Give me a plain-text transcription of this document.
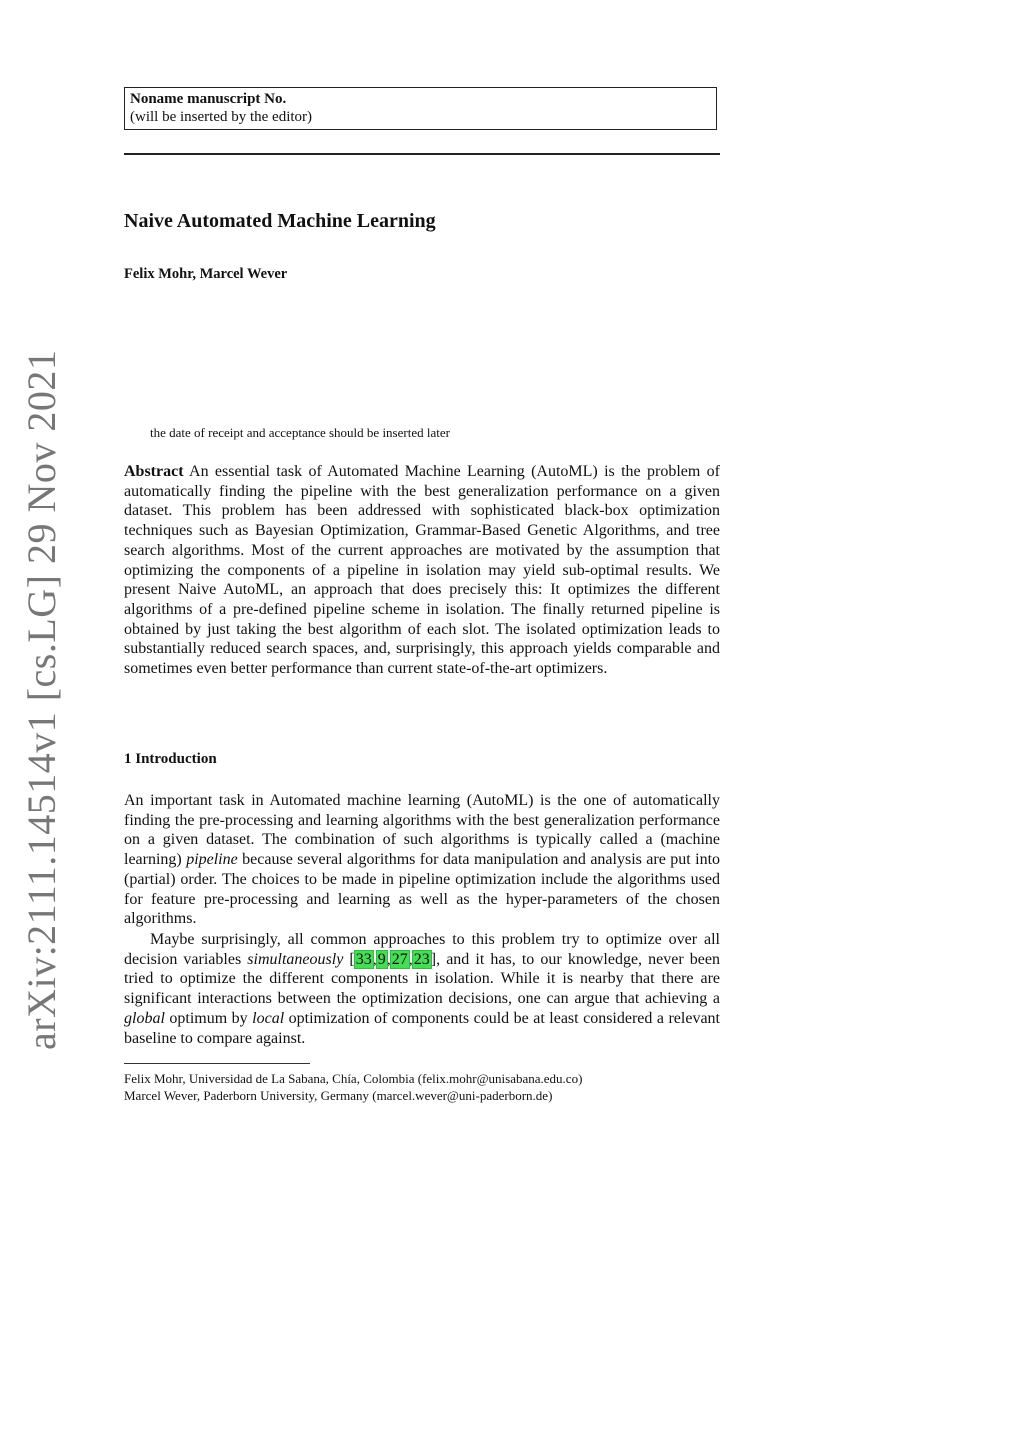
arXiv:2111.14514v1 [cs.LG] 29 Nov 2021
Noname manuscript No.
(will be inserted by the editor)
Naive Automated Machine Learning
Felix Mohr, Marcel Wever
the date of receipt and acceptance should be inserted later
Abstract An essential task of Automated Machine Learning (AutoML) is the problem of automatically finding the pipeline with the best generalization performance on a given dataset. This problem has been addressed with sophisticated black-box optimization techniques such as Bayesian Optimization, Grammar-Based Genetic Algorithms, and tree search algorithms. Most of the current approaches are motivated by the assumption that optimizing the components of a pipeline in isolation may yield sub-optimal results. We present Naive AutoML, an approach that does precisely this: It optimizes the different algorithms of a pre-defined pipeline scheme in isolation. The finally returned pipeline is obtained by just taking the best algorithm of each slot. The isolated optimization leads to substantially reduced search spaces, and, surprisingly, this approach yields comparable and sometimes even better performance than current state-of-the-art optimizers.
1 Introduction
An important task in Automated machine learning (AutoML) is the one of automatically finding the pre-processing and learning algorithms with the best generalization performance on a given dataset. The combination of such algorithms is typically called a (machine learning) pipeline because several algorithms for data manipulation and analysis are put into (partial) order. The choices to be made in pipeline optimization include the algorithms used for feature pre-processing and learning as well as the hyper-parameters of the chosen algorithms.
Maybe surprisingly, all common approaches to this problem try to optimize over all decision variables simultaneously [33,9,27,23], and it has, to our knowledge, never been tried to optimize the different components in isolation. While it is nearby that there are significant interactions between the optimization decisions, one can argue that achieving a global optimum by local optimization of components could be at least considered a relevant baseline to compare against.
Felix Mohr, Universidad de La Sabana, Chía, Colombia (felix.mohr@unisabana.edu.co)
Marcel Wever, Paderborn University, Germany (marcel.wever@uni-paderborn.de)
